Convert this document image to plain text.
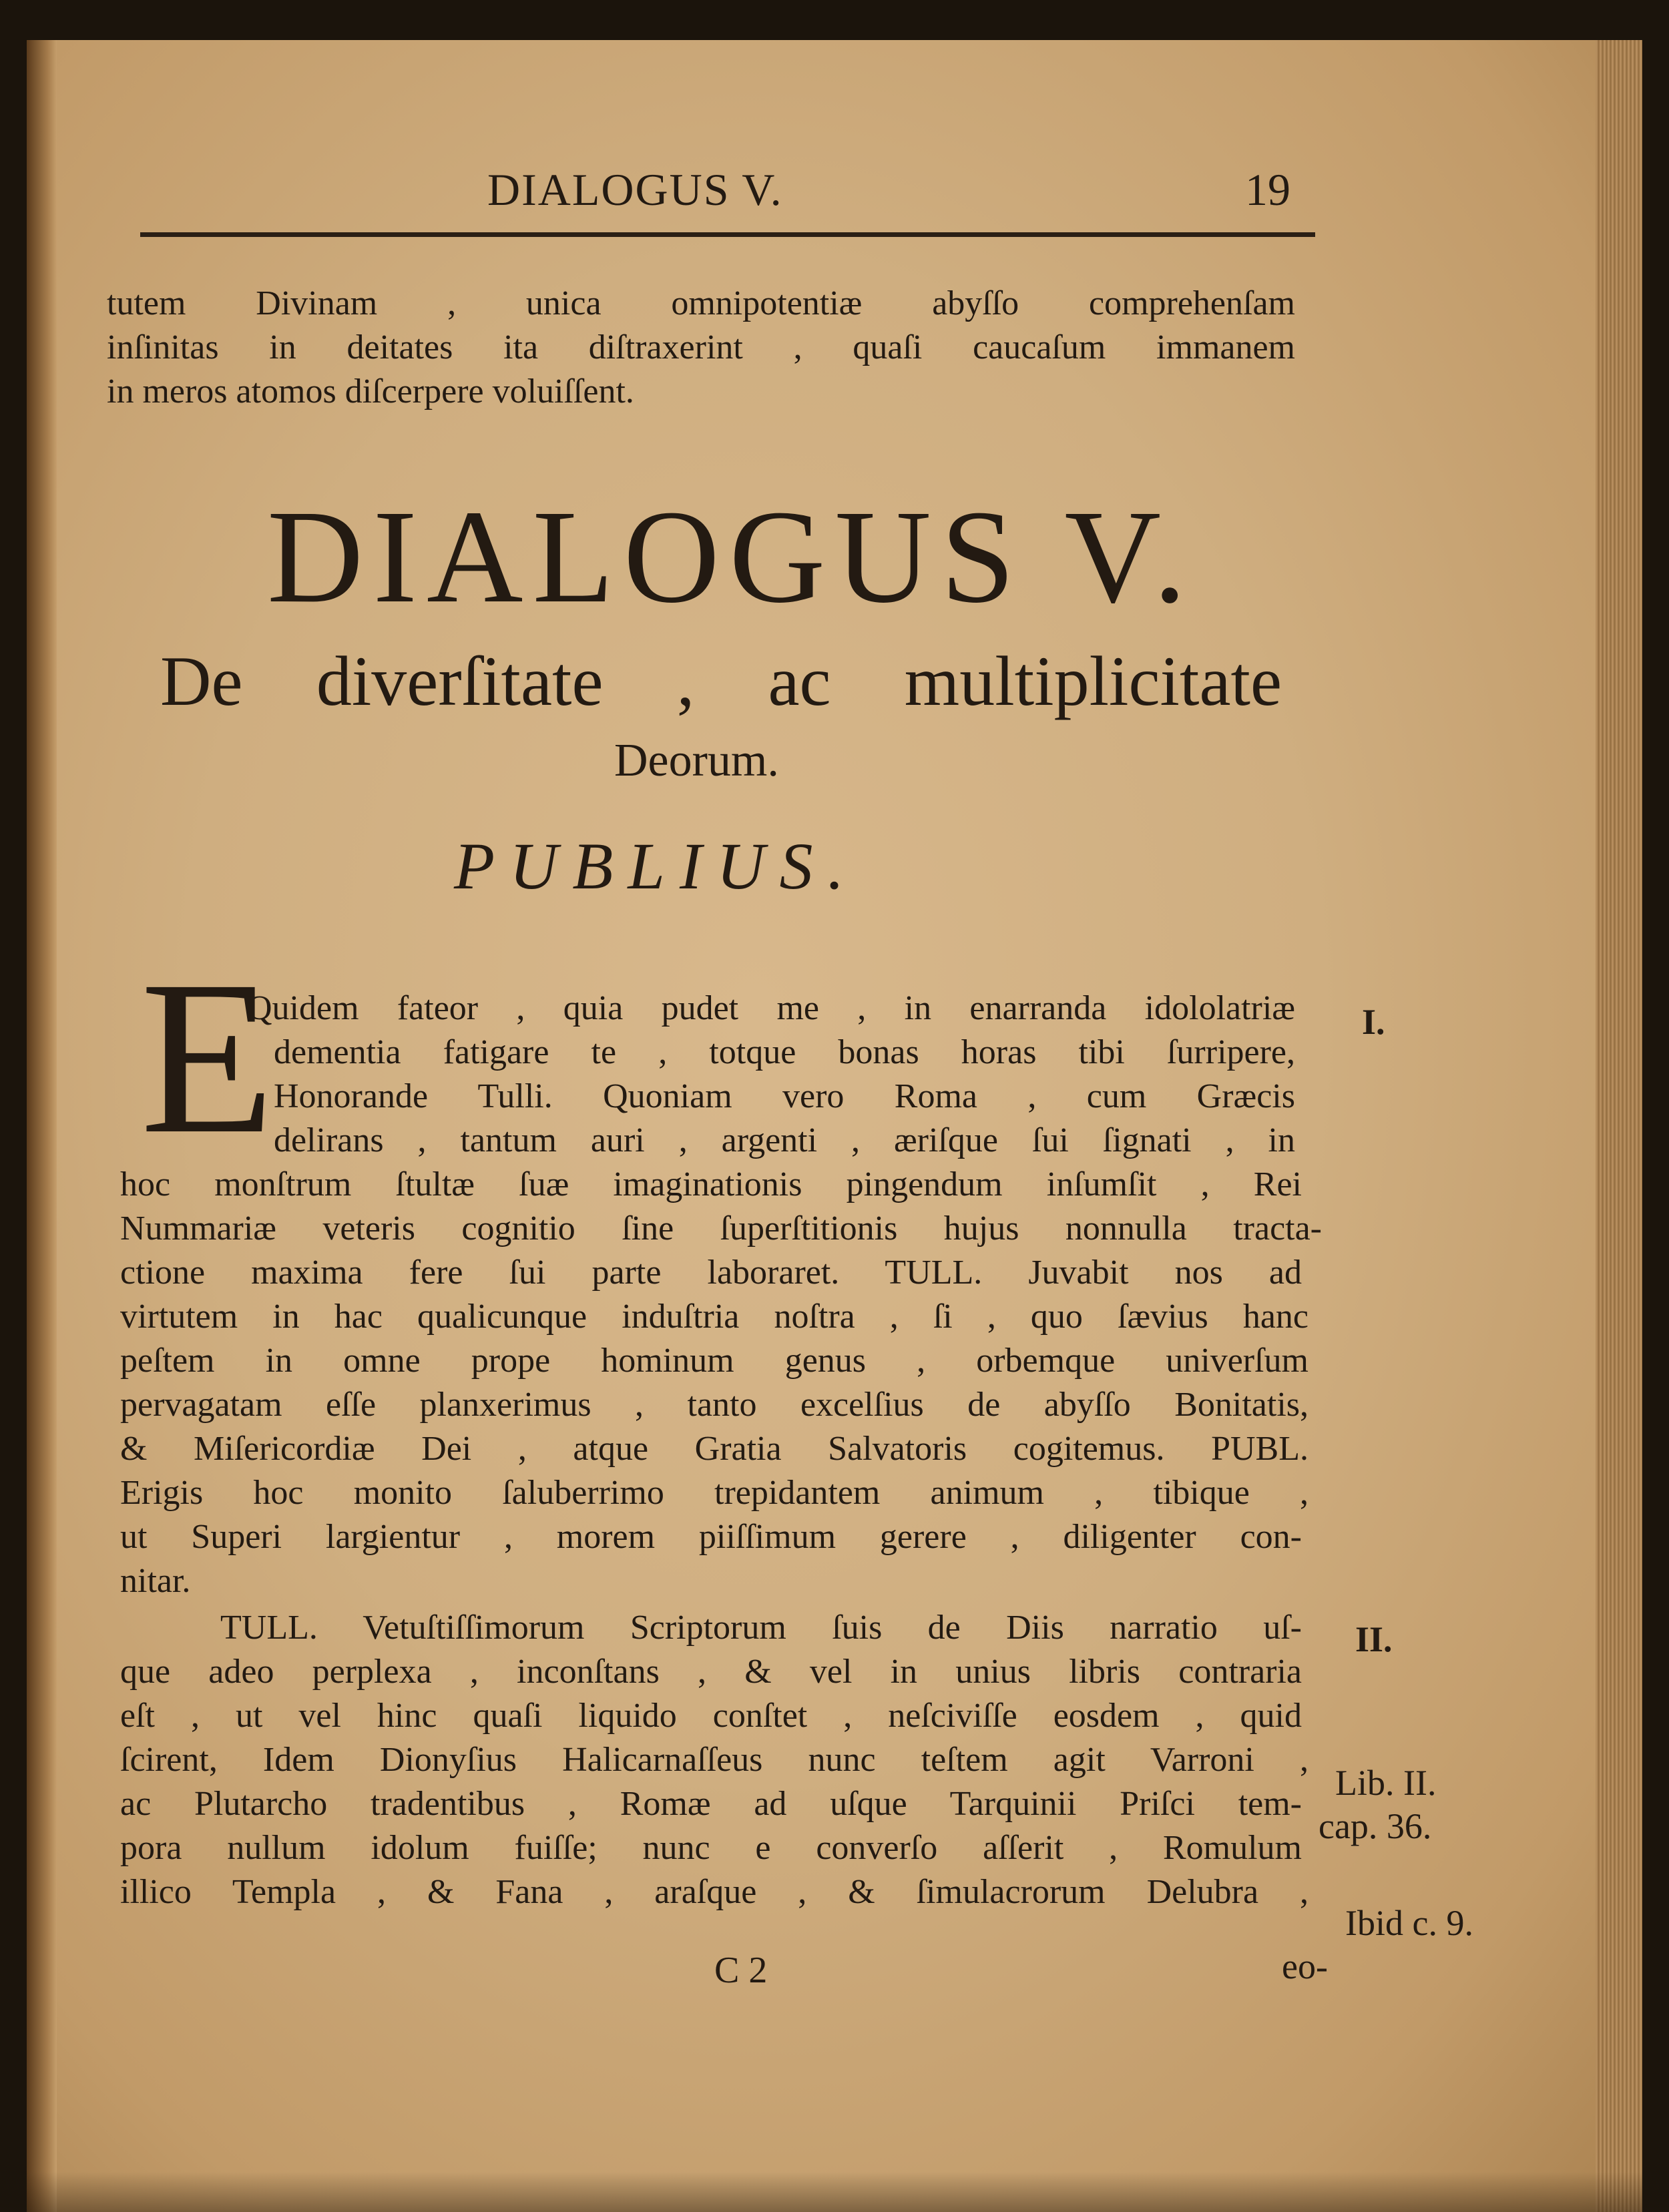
DIALOGUS V.	19
tutem Divinam , unica omnipotentiæ abyſſo comprehenſam
inſinitas in deitates ita diſtraxerint , quaſi caucaſum immanem
in meros atomos diſcerpere voluiſſent.
DIALOGUS V.
De diverſitate , ac multiplicitate
Deorum.
PUBLIUS.
E
Quidem fateor , quia pudet me , in enarranda idololatriæ
dementia fatigare te , totque bonas horas tibi ſurripere,
Honorande Tulli. Quoniam vero Roma , cum Græcis
delirans , tantum auri , argenti , æriſque ſui ſignati , in
hoc monſtrum ſtultæ ſuæ imaginationis pingendum inſumſit , Rei
Nummariæ veteris cognitio ſine ſuperſtitionis hujus nonnulla tracta-
ctione maxima fere ſui parte laboraret. TULL. Juvabit nos ad
virtutem in hac qualicunque induſtria noſtra , ſi , quo ſævius hanc
peſtem in omne prope hominum genus , orbemque univerſum
pervagatam eſſe planxerimus , tanto excelſius de abyſſo Bonitatis,
& Miſericordiæ Dei , atque Gratia Salvatoris cogitemus. PUBL.
Erigis hoc monito ſaluberrimo trepidantem animum , tibique ,
ut Superi largientur , morem piiſſimum gerere , diligenter con-
nitar.
TULL. Vetuſtiſſimorum Scriptorum ſuis de Diis narratio uſ-
que adeo perplexa , inconſtans , & vel in unius libris contraria
eſt , ut vel hinc quaſi liquido conſtet , neſciviſſe eosdem , quid
ſcirent, Idem Dionyſius Halicarnaſſeus nunc teſtem agit Varroni ,
ac Plutarcho tradentibus , Romæ ad uſque Tarquinii Priſci tem-
pora nullum idolum fuiſſe; nunc e converſo aſſerit , Romulum
illico Templa , & Fana , araſque , & ſimulacrorum Delubra ,
I.
II.
Lib. II.
cap. 36.
Ibid c. 9.
C 2	eo-
